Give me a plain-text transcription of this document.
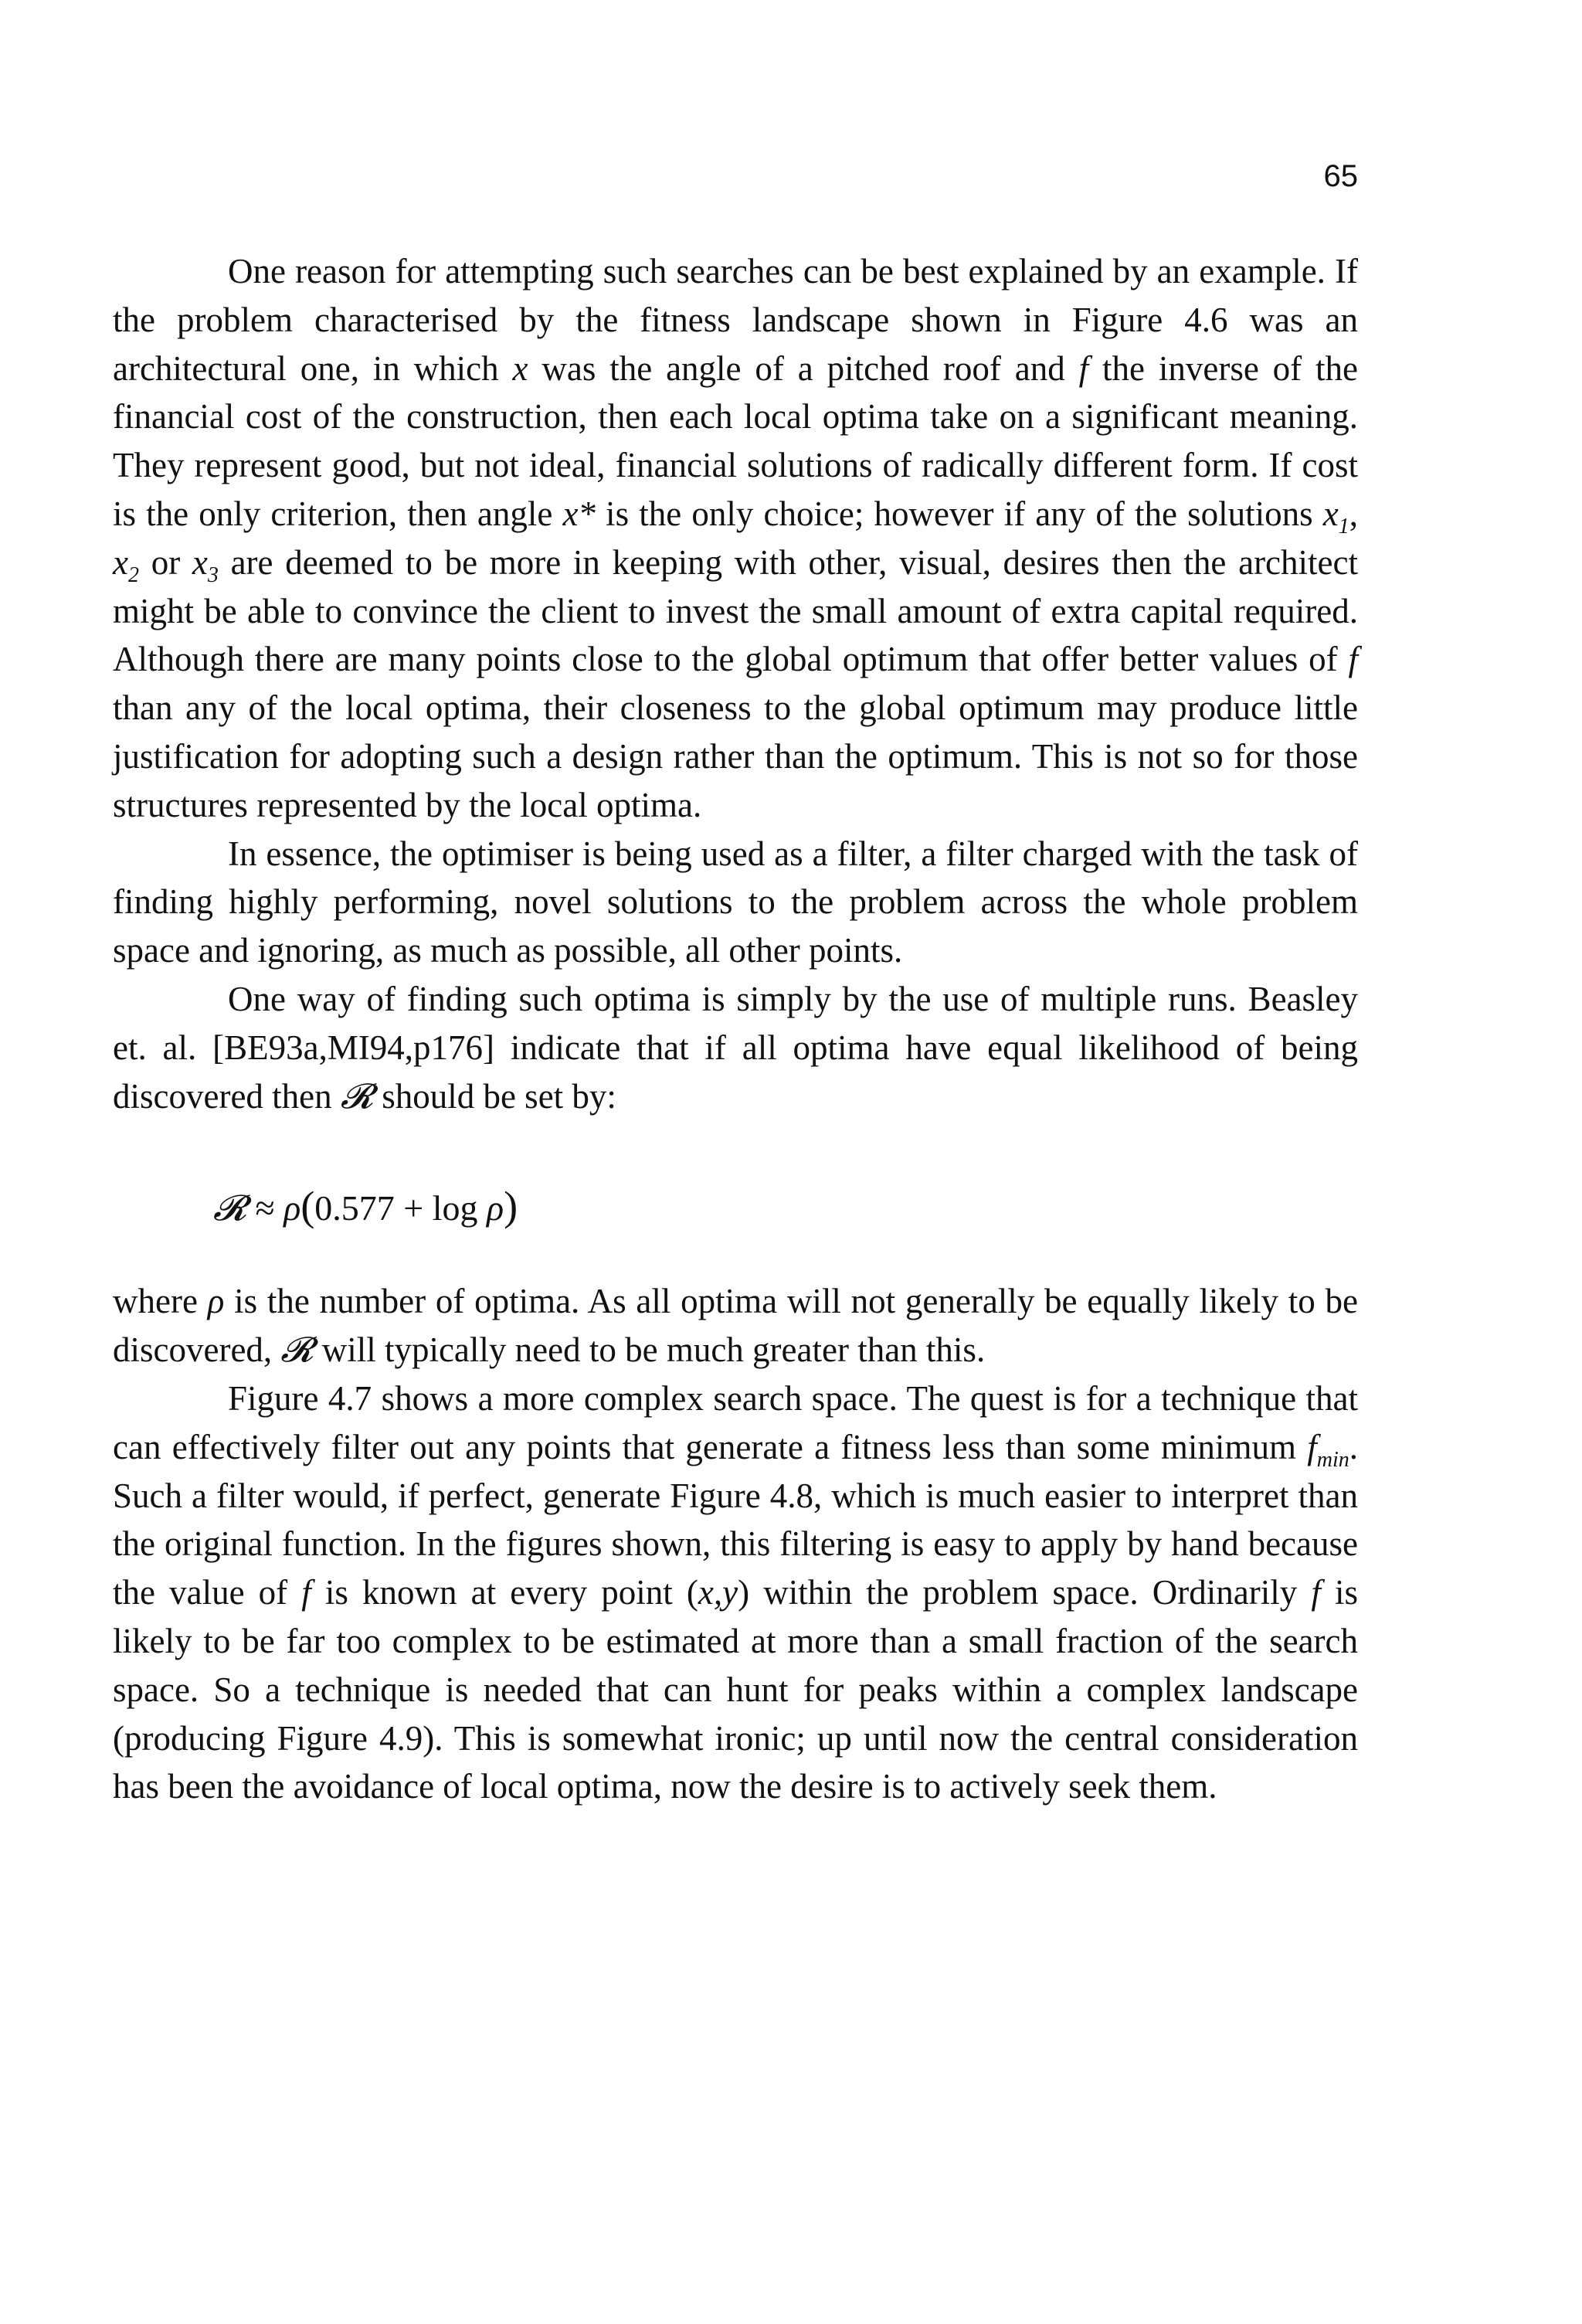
65

One reason for attempting such searches can be best explained by an example. If the problem characterised by the fitness landscape shown in Figure 4.6 was an architectural one, in which x was the angle of a pitched roof and f the inverse of the financial cost of the construction, then each local optima take on a significant meaning. They represent good, but not ideal, financial solutions of radically different form. If cost is the only criterion, then angle x* is the only choice; however if any of the solutions $x_1$, $x_2$ or $x_3$ are deemed to be more in keeping with other, visual, desires then the architect might be able to convince the client to invest the small amount of extra capital required. Although there are many points close to the global optimum that offer better values of f than any of the local optima, their closeness to the global optimum may produce little justification for adopting such a design rather than the optimum. This is not so for those structures represented by the local optima.

In essence, the optimiser is being used as a filter, a filter charged with the task of finding highly performing, novel solutions to the problem across the whole problem space and ignoring, as much as possible, all other points.

One way of finding such optima is simply by the use of multiple runs. Beasley et. al. [BE93a,MI94,p176] indicate that if all optima have equal likelihood of being discovered then 𝓡 should be set by:

𝓡 ≈ ρ(0.577 + log ρ)

where ρ is the number of optima. As all optima will not generally be equally likely to be discovered, 𝓡 will typically need to be much greater than this.

Figure 4.7 shows a more complex search space. The quest is for a technique that can effectively filter out any points that generate a fitness less than some minimum $f_{min}$. Such a filter would, if perfect, generate Figure 4.8, which is much easier to interpret than the original function. In the figures shown, this filtering is easy to apply by hand because the value of f is known at every point (x,y) within the problem space. Ordinarily f is likely to be far too complex to be estimated at more than a small fraction of the search space. So a technique is needed that can hunt for peaks within a complex landscape (producing Figure 4.9). This is somewhat ironic; up until now the central consideration has been the avoidance of local optima, now the desire is to actively seek them.
